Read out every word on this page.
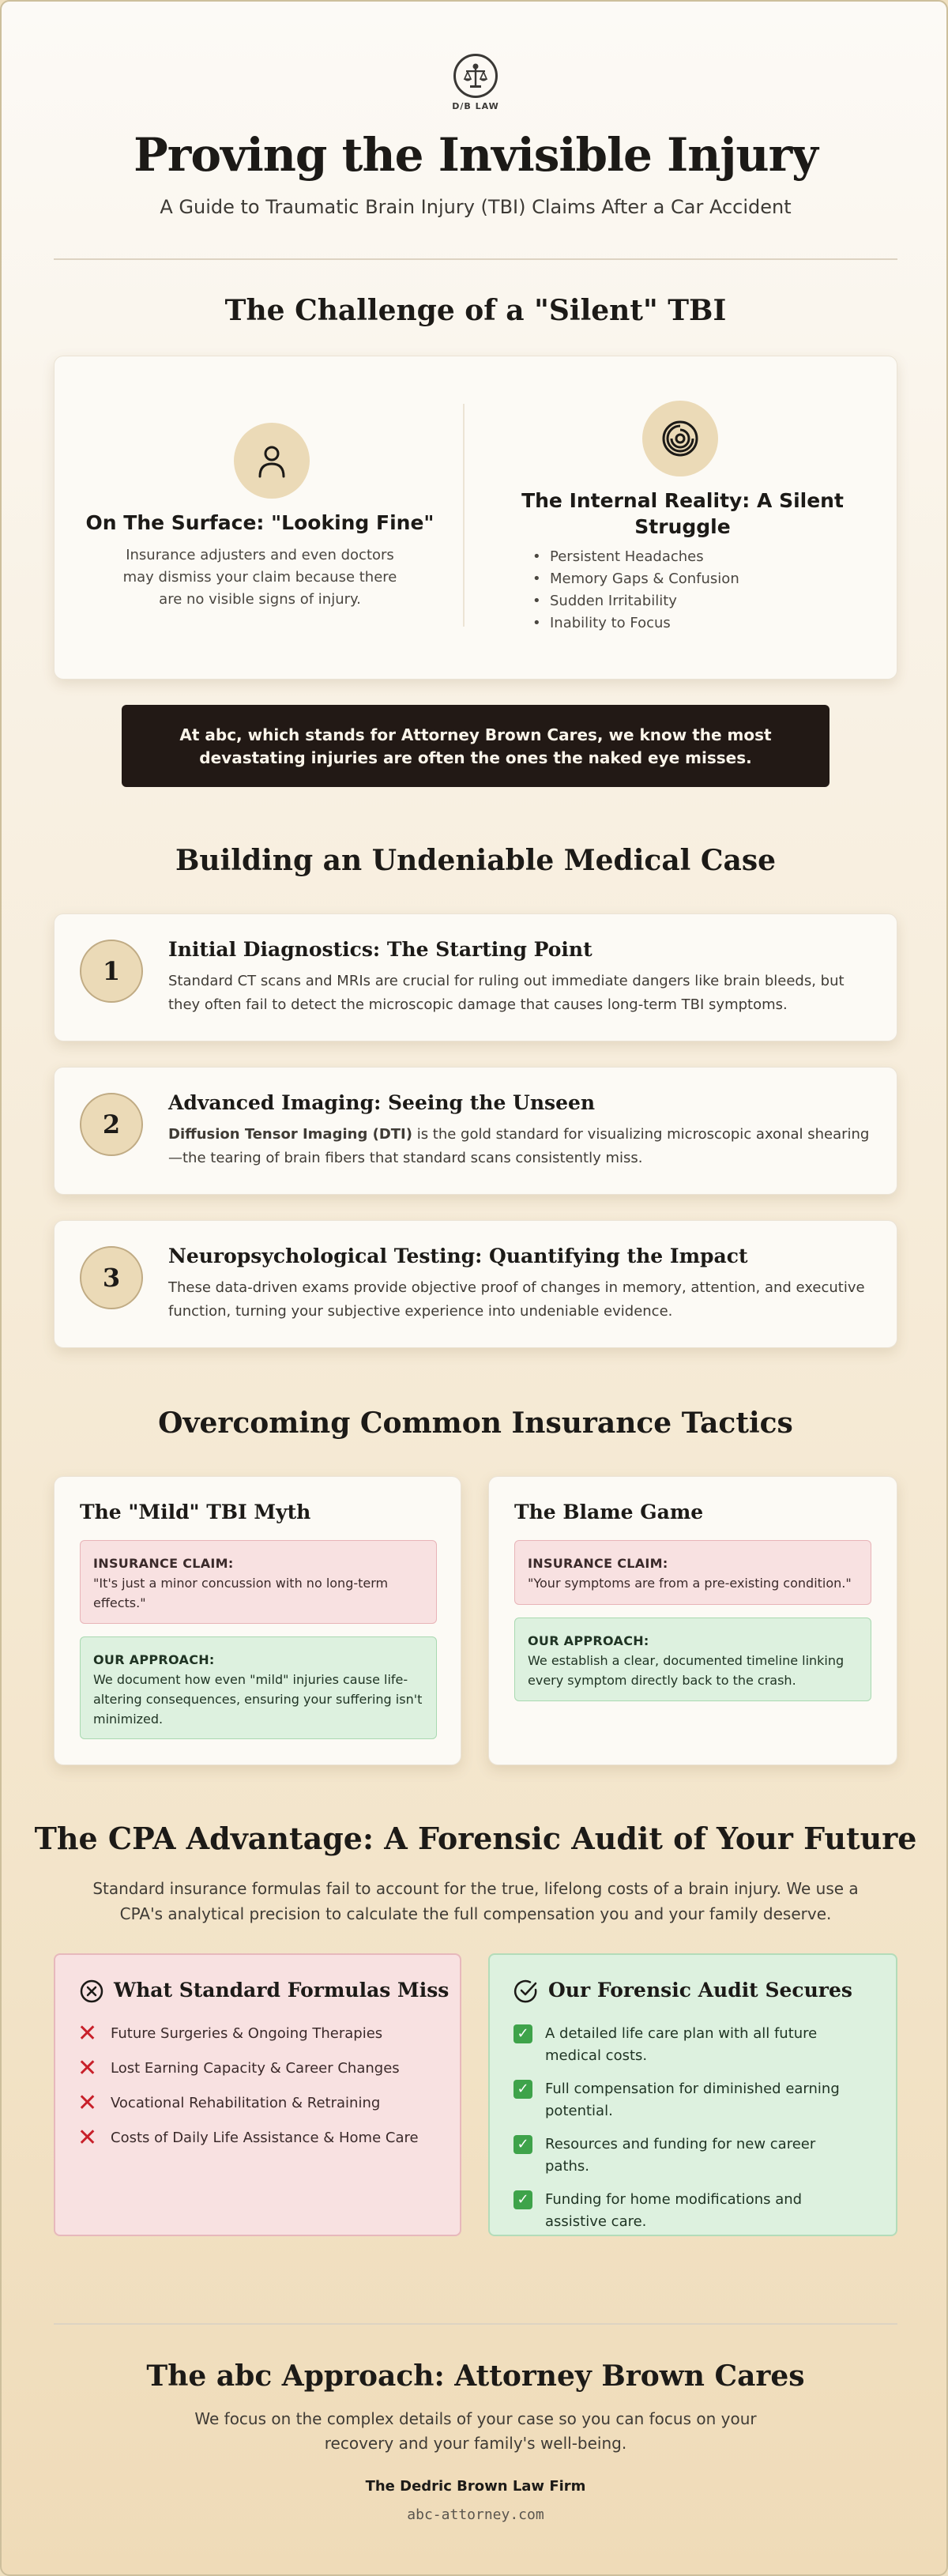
D/B LAW
Proving the Invisible Injury
A Guide to Traumatic Brain Injury (TBI) Claims After a Car Accident
The Challenge of a "Silent" TBI
On The Surface: "Looking Fine"
Insurance adjusters and even doctors may dismiss your claim because there are no visible signs of injury.
The Internal Reality: A Silent Struggle
• Persistent Headaches
• Memory Gaps & Confusion
• Sudden Irritability
• Inability to Focus
At abc, which stands for Attorney Brown Cares, we know the most devastating injuries are often the ones the naked eye misses.
Building an Undeniable Medical Case
1
Initial Diagnostics: The Starting Point
Standard CT scans and MRIs are crucial for ruling out immediate dangers like brain bleeds, but they often fail to detect the microscopic damage that causes long-term TBI symptoms.
2
Advanced Imaging: Seeing the Unseen
Diffusion Tensor Imaging (DTI) is the gold standard for visualizing microscopic axonal shearing—the tearing of brain fibers that standard scans consistently miss.
3
Neuropsychological Testing: Quantifying the Impact
These data-driven exams provide objective proof of changes in memory, attention, and executive function, turning your subjective experience into undeniable evidence.
Overcoming Common Insurance Tactics
The "Mild" TBI Myth
INSURANCE CLAIM:
"It's just a minor concussion with no long-term effects."
OUR APPROACH:
We document how even "mild" injuries cause life-altering consequences, ensuring your suffering isn't minimized.
The Blame Game
INSURANCE CLAIM:
"Your symptoms are from a pre-existing condition."
OUR APPROACH:
We establish a clear, documented timeline linking every symptom directly back to the crash.
The CPA Advantage: A Forensic Audit of Your Future
Standard insurance formulas fail to account for the true, lifelong costs of a brain injury. We use a CPA's analytical precision to calculate the full compensation you and your family deserve.
What Standard Formulas Miss
✕ Future Surgeries & Ongoing Therapies
✕ Lost Earning Capacity & Career Changes
✕ Vocational Rehabilitation & Retraining
✕ Costs of Daily Life Assistance & Home Care
Our Forensic Audit Secures
✓ A detailed life care plan with all future medical costs.
✓ Full compensation for diminished earning potential.
✓ Resources and funding for new career paths.
✓ Funding for home modifications and assistive care.
The abc Approach: Attorney Brown Cares
We focus on the complex details of your case so you can focus on your recovery and your family's well-being.
The Dedric Brown Law Firm
abc-attorney.com
